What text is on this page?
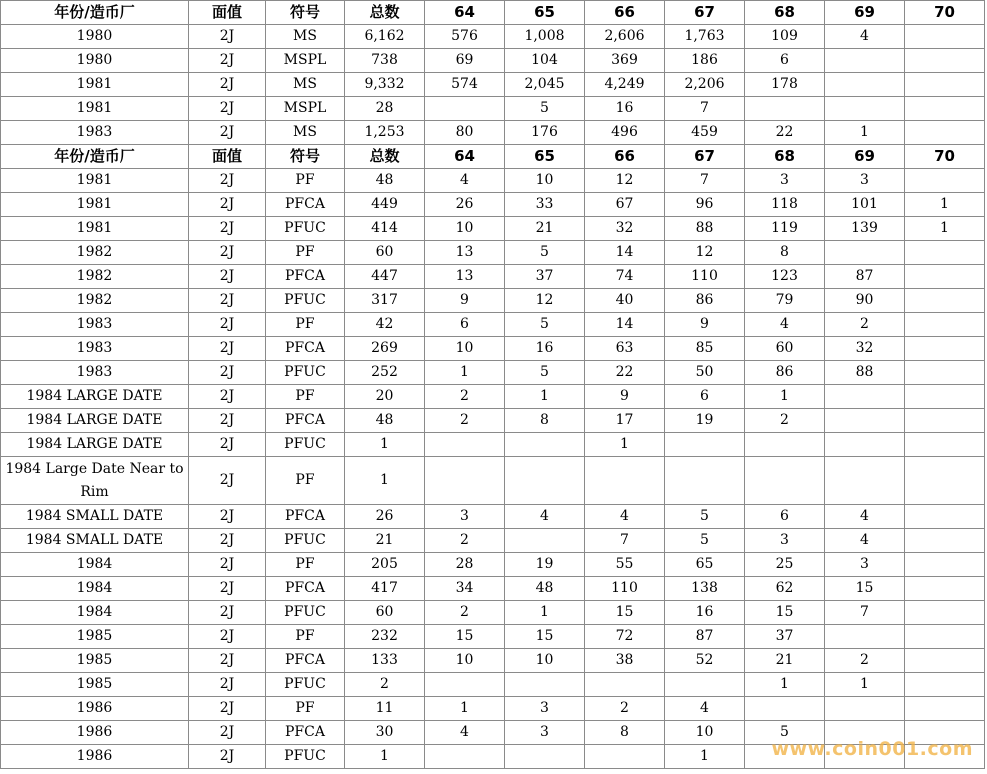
年份/造币厂	面值	符号	总数	64	65	66	67	68	69	70
1980	2J	MS	6,162	576	1,008	2,606	1,763	109	4	
1980	2J	MSPL	738	69	104	369	186	6		
1981	2J	MS	9,332	574	2,045	4,249	2,206	178		
1981	2J	MSPL	28		5	16	7			
1983	2J	MS	1,253	80	176	496	459	22	1	
年份/造币厂	面值	符号	总数	64	65	66	67	68	69	70
1981	2J	PF	48	4	10	12	7	3	3	
1981	2J	PFCA	449	26	33	67	96	118	101	1
1981	2J	PFUC	414	10	21	32	88	119	139	1
1982	2J	PF	60	13	5	14	12	8		
1982	2J	PFCA	447	13	37	74	110	123	87	
1982	2J	PFUC	317	9	12	40	86	79	90	
1983	2J	PF	42	6	5	14	9	4	2	
1983	2J	PFCA	269	10	16	63	85	60	32	
1983	2J	PFUC	252	1	5	22	50	86	88	
1984 LARGE DATE	2J	PF	20	2	1	9	6	1		
1984 LARGE DATE	2J	PFCA	48	2	8	17	19	2		
1984 LARGE DATE	2J	PFUC	1			1				
1984 Large Date Near to Rim	2J	PF	1							
1984 SMALL DATE	2J	PFCA	26	3	4	4	5	6	4	
1984 SMALL DATE	2J	PFUC	21	2		7	5	3	4	
1984	2J	PF	205	28	19	55	65	25	3	
1984	2J	PFCA	417	34	48	110	138	62	15	
1984	2J	PFUC	60	2	1	15	16	15	7	
1985	2J	PF	232	15	15	72	87	37		
1985	2J	PFCA	133	10	10	38	52	21	2	
1985	2J	PFUC	2					1	1	
1986	2J	PF	11	1	3	2	4			
1986	2J	PFCA	30	4	3	8	10	5		
1986	2J	PFUC	1				1				www.coin001.com
